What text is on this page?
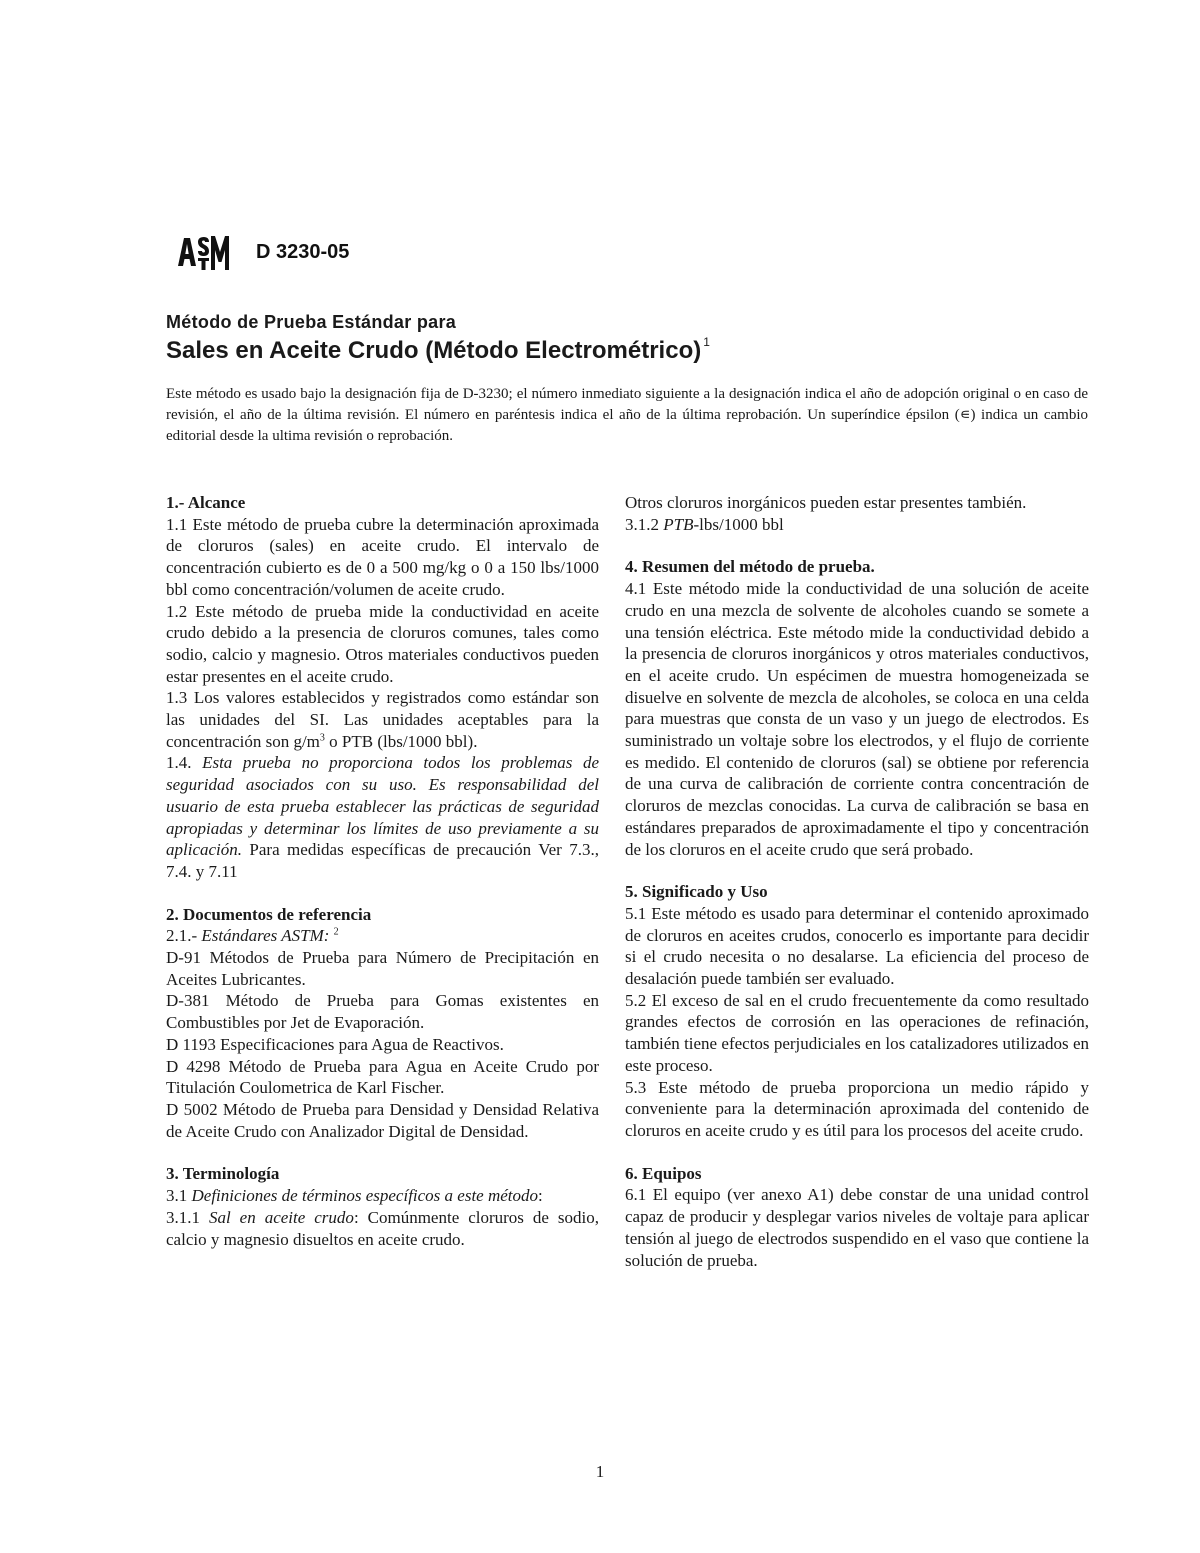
D 3230-05
Método de Prueba Estándar para
Sales en Aceite Crudo (Método Electrométrico) $^1$

Este método es usado bajo la designación fija de D-3230; el número inmediato siguiente a la designación indica el año de adopción original o en caso de revisión, el año de la última revisión. El número en paréntesis indica el año de la última reprobación. Un superíndice épsilon (∊) indica un cambio editorial desde la ultima revisión o reprobación.

1.- Alcance

1.1 Este método de prueba cubre la determinación aproximada de cloruros (sales) en aceite crudo. El intervalo de concentración cubierto es de 0 a 500 mg/kg o 0 a 150 lbs/1000 bbl como concentración/volumen de aceite crudo.

1.2 Este método de prueba mide la conductividad en aceite crudo debido a la presencia de cloruros comunes, tales como sodio, calcio y magnesio. Otros materiales conductivos pueden estar presentes en el aceite crudo.

1.3 Los valores establecidos y registrados como estándar son las unidades del SI. Las unidades aceptables para la concentración son $g/m^3$ o PTB (lbs/1000 bbl).

1.4. Esta prueba no proporciona todos los problemas de seguridad asociados con su uso. Es responsabilidad del usuario de esta prueba establecer las prácticas de seguridad apropiadas y determinar los límites de uso previamente a su aplicación. Para medidas específicas de precaución Ver 7.3., 7.4. y 7.11

2. Documentos de referencia

2.1.- Estándares ASTM: $^2$

D-91 Métodos de Prueba para Número de Precipitación en Aceites Lubricantes.

D-381 Método de Prueba para Gomas existentes en Combustibles por Jet de Evaporación.

D 1193 Especificaciones para Agua de Reactivos.

D 4298 Método de Prueba para Agua en Aceite Crudo por Titulación Coulometrica de Karl Fischer.

D 5002 Método de Prueba para Densidad y Densidad Relativa de Aceite Crudo con Analizador Digital de Densidad.

3. Terminología

3.1 Definiciones de términos específicos a este método:

3.1.1 Sal en aceite crudo: Comúnmente cloruros de sodio, calcio y magnesio disueltos en aceite crudo.

Otros cloruros inorgánicos pueden estar presentes también.

3.1.2 PTB-lbs/1000 bbl

4. Resumen del método de prueba.

4.1 Este método mide la conductividad de una solución de aceite crudo en una mezcla de solvente de alcoholes cuando se somete a una tensión eléctrica. Este método mide la conductividad debido a la presencia de cloruros inorgánicos y otros materiales conductivos, en el aceite crudo. Un espécimen de muestra homogeneizada se disuelve en solvente de mezcla de alcoholes, se coloca en una celda para muestras que consta de un vaso y un juego de electrodos. Es suministrado un voltaje sobre los electrodos, y el flujo de corriente es medido. El contenido de cloruros (sal) se obtiene por referencia de una curva de calibración de corriente contra concentración de cloruros de mezclas conocidas. La curva de calibración se basa en estándares preparados de aproximadamente el tipo y concentración de los cloruros en el aceite crudo que será probado.

5. Significado y Uso

5.1 Este método es usado para determinar el contenido aproximado de cloruros en aceites crudos, conocerlo es importante para decidir si el crudo necesita o no desalarse. La eficiencia del proceso de desalación puede también ser evaluado.

5.2 El exceso de sal en el crudo frecuentemente da como resultado grandes efectos de corrosión en las operaciones de refinación, también tiene efectos perjudiciales en los catalizadores utilizados en este proceso.

5.3 Este método de prueba proporciona un medio rápido y conveniente para la determinación aproximada del contenido de cloruros en aceite crudo y es útil para los procesos del aceite crudo.

6. Equipos

6.1 El equipo (ver anexo A1) debe constar de una unidad control capaz de producir y desplegar varios niveles de voltaje para aplicar tensión al juego de electrodos suspendido en el vaso que contiene la solución de prueba.

1
